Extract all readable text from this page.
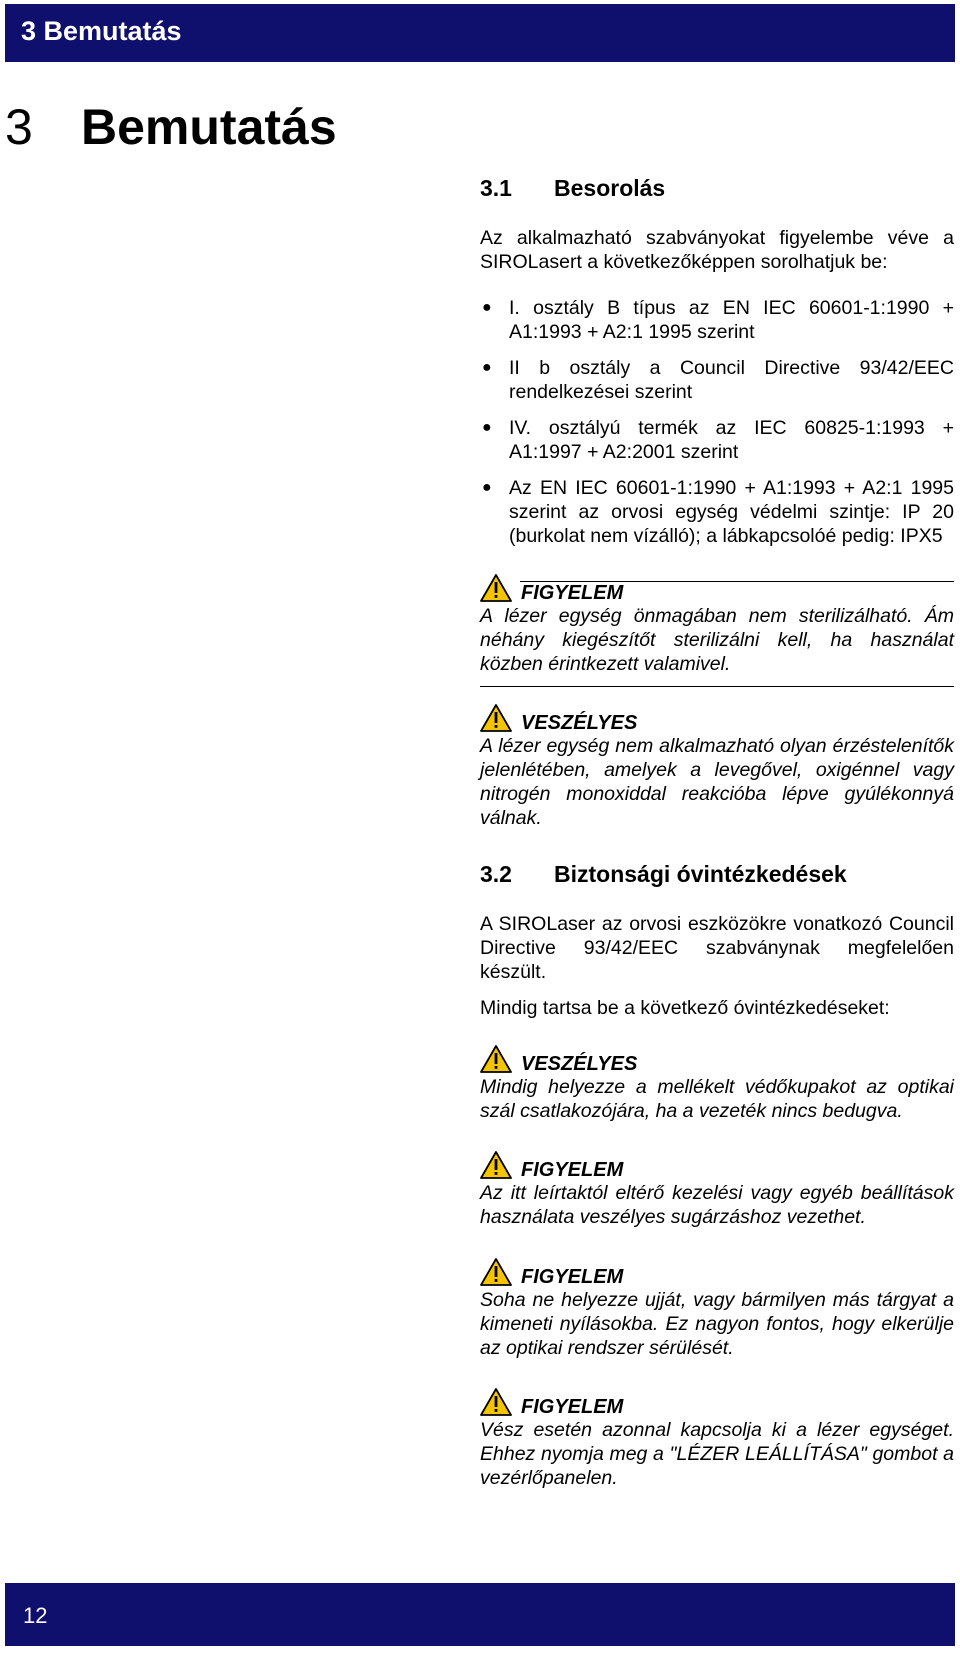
3 Bemutatás
3 Bemutatás
3.1 Besorolás
Az alkalmazható szabványokat figyelembe véve a SIROLasert a következőképpen sorolhatjuk be:
● I. osztály B típus az EN IEC 60601-1:1990 + A1:1993 + A2:1 1995 szerint
● II b osztály a Council Directive 93/42/EEC rendelkezései szerint
● IV. osztályú termék az IEC 60825-1:1993 + A1:1997 + A2:2001 szerint
● Az EN IEC 60601-1:1990 + A1:1993 + A2:1 1995 szerint az orvosi egység védelmi szintje: IP 20 (burkolat nem vízálló); a lábkapcsolóé pedig: IPX5
FIGYELEM
A lézer egység önmagában nem sterilizálható. Ám néhány kiegészítőt sterilizálni kell, ha használat közben érintkezett valamivel.
VESZÉLYES
A lézer egység nem alkalmazható olyan érzéstelenítők jelenlétében, amelyek a levegővel, oxigénnel vagy nitrogén monoxiddal reakcióba lépve gyúlékonnyá válnak.
3.2 Biztonsági óvintézkedések
A SIROLaser az orvosi eszközökre vonatkozó Council Directive 93/42/EEC szabványnak megfelelően készült.
Mindig tartsa be a következő óvintézkedéseket:
VESZÉLYES
Mindig helyezze a mellékelt védőkupakot az optikai szál csatlakozójára, ha a vezeték nincs bedugva.
FIGYELEM
Az itt leírtaktól eltérő kezelési vagy egyéb beállítások használata veszélyes sugárzáshoz vezethet.
FIGYELEM
Soha ne helyezze ujját, vagy bármilyen más tárgyat a kimeneti nyílásokba. Ez nagyon fontos, hogy elkerülje az optikai rendszer sérülését.
FIGYELEM
Vész esetén azonnal kapcsolja ki a lézer egységet. Ehhez nyomja meg a "LÉZER LEÁLLÍTÁSA" gombot a vezérlőpanelen.
12
